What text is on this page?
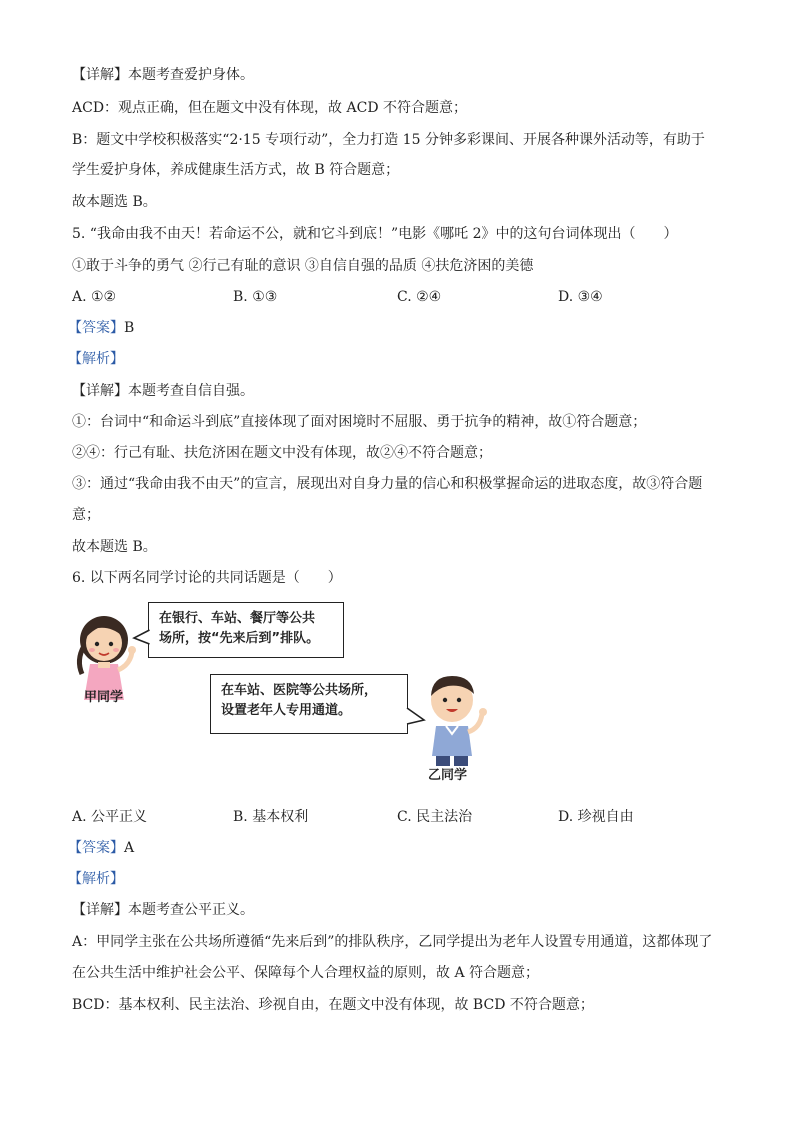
【详解】本题考查爱护身体。
ACD：观点正确，但在题文中没有体现，故 ACD 不符合题意；
B：题文中学校积极落实“2·15 专项行动”，全力打造 15 分钟多彩课间、开展各种课外活动等，有助于
学生爱护身体，养成健康生活方式，故 B 符合题意；
故本题选 B。
5. “我命由我不由天！若命运不公，就和它斗到底！”电影《哪吒 2》中的这句台词体现出（　　）
①敢于斗争的勇气 ②行己有耻的意识 ③自信自强的品质 ④扶危济困的美德
A. ①②	B. ①③	C. ②④	D. ③④
【答案】B
【解析】
【详解】本题考查自信自强。
①：台词中“和命运斗到底”直接体现了面对困境时不屈服、勇于抗争的精神，故①符合题意；
②④：行己有耻、扶危济困在题文中没有体现，故②④不符合题意；
③：通过“我命由我不由天”的宣言，展现出对自身力量的信心和积极掌握命运的进取态度，故③符合题
意；
故本题选 B。
6. 以下两名同学讨论的共同话题是（　　）
甲同学
在银行、车站、餐厅等公共
场所，按“先来后到”排队。
在车站、医院等公共场所，
设置老年人专用通道。
乙同学
A. 公平正义	B. 基本权利	C. 民主法治	D. 珍视自由
【答案】A
【解析】
【详解】本题考查公平正义。
A：甲同学主张在公共场所遵循“先来后到”的排队秩序，乙同学提出为老年人设置专用通道，这都体现了
在公共生活中维护社会公平、保障每个人合理权益的原则，故 A 符合题意；
BCD：基本权利、民主法治、珍视自由，在题文中没有体现，故 BCD 不符合题意；
